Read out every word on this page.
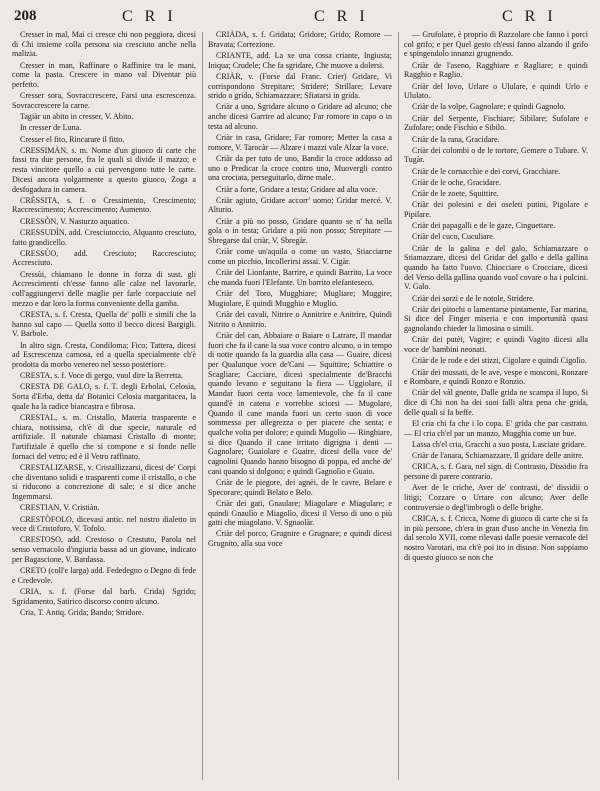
208	C R I	C R I	C R I

Cresser in mal, Mai ci cresce chi non peggiora, dicesi di Chi insieme colla persona sia cresciuto anche nella malizia.

Cresser in man, Raffinare o Raffinire tra le mani, come la pasta. Crescere in mano val Diventar più perfetto.

Cresser sora, Sovraccrescere, Farsi una escrescenza. Sovraccrescere la carne.

Tagiàr un abito in cresser, V. Abito.

In cresser de Luna.

Cresser el fito, Rincarare il fitto.

CRESSIMÀN, s. m. Nome d'un giuoco di carte che fassi tra due persone, fra le quali si divide il mazzo; e resta vincitore quello a cui pervengono tutte le carte. Dicesi ancora volgarmente a questo giuoco, Zoga a desfogadura in camera.

CRÈSSITA, s. f. o Cressimento, Crescimento; Raccrescimento; Accrescimento; Aumento.

CRESSÒN, V. Nasturzo aquatico.

CRESSUDÌN, add. Cresciutoccio, Alquanto cresciuto, fatto grandicello.

CRESSÙO, add. Cresciuto; Raccresciuto; Accresciuto.

Cressùi, chiamano le donne in forza di sust. gli Accrescimenti ch'esse fanno alle calze nel lavorarle, coll'aggiungervi delle maglie per farle corpacciute nel mezzo e dar loro la forma conveniente della gamba.

CRESTA, s. f. Cresta, Quella de' polli e simili che la hanno sul capo — Quella sotto il becco dicesi Bargigli. V. Barbole.

In altro sign. Cresta, Condiloma; Fico; Tattera, dicesi ad Escrescenza carnosa, ed a quella specialmente ch'è prodotta da morbo venereo nel sesso posteriore.

CRESTA, s. f. Voce di gergo, vuol dire la Berretta.

CRESTA DE GALO, s. f. T. degli Erbolai, Celosia, Sorta d'Erba, detta da' Botanici Celosia margaritacea, la quale ha la radice biancastra e fibrosa.

CRESTAL, s. m. Cristallo, Materia trasparente e chiara, notissima, ch'è di due specie, naturale ed artifiziale. Il naturale chiamasi Cristallo di monte; l'artifiziale è quello che si compone e si fonde nelle fornaci del vetro; ed è il Vetro raffinato.

CRESTALIZARSE, v. Cristallizzarsi, dicesi de' Corpi che diventano solidi e trasparenti come il cristallo, o che si riducono a concrezione di sale; e si dice anche Ingemmarsi.

CRESTIAN, V. Cristiàn.

CRESTÒFOLO, dicevasi antic. nel nostro dialetto in vece di Cristoforo, V. Tofolo.

CRESTOSO, add. Crestoso o Crestuto, Parola nel senso vernacolo d'ingiuria bassa ad un giovane, indicato per Bagascione, V. Bardassa.

CRETO (coll'e larga) add. Fededegno o Degno di fede e Credevole.

CRIA, s. f. (Forse dal barb. Crida) Sgrido; Sgridamento, Satirico discorso contro alcuno.

Cria, T. Antiq. Grida; Bando; Stridore.

CRIÀDA, s. f. Gridata; Gridore; Grido; Romore — Bravata; Correzione.

CRIANTE, add. La xe una cossa criante, Ingiusta; Iniqua; Crudele; Che fa sgridare, Che muove a dolersi.

CRIÀR, v. (Forse dal Franc. Crier) Gridare, Vi corrispondono Strepitare; Stridere; Strillare; Levare strido o grido, Schiamazzare; Sfiatarsi in grida.

Criàr a uno, Sgridare alcuno o Gridare ad alcuno; che anche dicesi Garrire ad alcuno; Far romore in capo o in testa ad alcuno.

Criàr in casa, Gridare; Far romore; Metter la casa a romore, V. Tarocàr — Alzare i mazzi vale Alzar la voce.

Criàr da per tuto de uno, Bandir la croce addosso ad uno o Predicar la croce contro uno, Muovergli contro una crociata, perseguitarlo, dirne male.

Criàr a forte, Gridare a testa; Gridare ad alta voce.

Criàr agiuto, Gridare accorr' uomo; Gridar mercé. V. Alturio.

Criàr a più no posso, Gridare quanto se n' ha nella gola o in testa; Gridare a più non posso; Strepitare — Sbregarse dal criàr, V. Sbregàr.

Criàr come un'aquila o come un vasto, Stiacciarne come un picchio, Incollerirsi assai. V. Cigàr.

Criàr del Lionfante, Barrire, e quindi Barrito, La voce che manda fuori l'Elefante. Un barrito elefanteseco.

Criàr del Toro, Mugghiare; Mugliare; Muggire; Mugiolare, E quindi Mugghio e Muglio.

Criàr dei cavali, Nitrire o Annitrire e Anitrire, Quindi Nitrito o Annitrio.

Criàr del can, Abbaiare o Baiare o Latrare, Il mandar fuori che fa il cane la sua voce contro alcuno, o in tempo di notte quando fa la guardia alla casa — Guaire, dicesi per Qualunque voce de'Cani — Squittire; Schiattire o Scagliare; Cacciare, dicesi specialmente de'Bracchi quando levano e seguitano la fiera — Uggiolare, il Mandar fuori certa voce lamentevole, che fa il cane quand'è in catena e vorrebbe sciorsi — Mugolare, Quando il cane manda fuori un certo suon di voce sommessa per allegrezza o per piacere che senta; e qualche volta per dolore; e quindi Mugolìo — Ringhiare, si dice Quando il cane irritato digrigna i denti — Gagnolare; Guaiolare e Guaire, dicesi della voce de' cagnolini Quando hanno bisogno di poppa, ed anche de' cani quando si dolgono; e quindi Gagnolìo e Guaio.

Criàr de le piegore, dei agnèi, de le cavre, Belare e Specorare; quindi Belato e Belo.

Criàr dei gati, Gnaulare; Miagolare e Miagulare; e quindi Gnaulìo e Miagolìo, dicesi il Verso di uno o più gatti che miagolano. V. Sgnaolàr.

Criàr del porco, Grugnire e Grugnare; e quindi dicesi Grugnito, alla sua voce

— Grufolare, è proprio di Razzolare che fanno i porci col grifo; e per Quel gesto ch'essi fanno alzando il grifo e spingendolo innanzi grugnendo.

Criàr de l'aseno, Ragghiare e Ragliare; e quindi Ragghio e Raglio.

Criàr del lovo, Urlare o Ululare, e quindi Urlo e Ululato.

Criàr de la volpe, Gagnolare; e quindi Gagnolo.

Criàr del Serpente, Fischiare; Sibilare; Sufolare e Zufolare; onde Fischio e Sibilo.

Criàr de la rana, Gracidare.

Criàr dei colombi o de le tortore, Gemere o Tubare. V. Tugàr.

Criàr de le cornacchie e dei corvi, Gracchiare.

Criàr de le oche, Gracidare.

Criàr de le zoete, Squittire.

Criàr dei polesini e dei oseleti putini, Pigolare e Pipilare.

Criàr dei papagalli e de le gaze, Cinguettare.

Criàr del cuco, Cuculiare.

Criàr de la galina e del galo, Schiamazzare o Stiamazzare, dicesi del Gridar del gallo e della gallina quando ha fatto l'uovo. Chiocciare o Crocciare, dicesi del Verso della gallina quando vuol covare o ha i pulcini. V. Galo.

Criàr dei sorzi e de le notole, Stridere.

Criàr dei pitochi o lamentarse pintamente, Far marina, Si dice del Finger miseria e con importunità quasi gagnolando chieder la limosina o simili.

Criàr dei putèi, Vagire; e quindi Vagito dicesi alla voce de' bambini neonati.

Criàr de le rode e dei stizzi, Cigolare e quindi Cigolìo.

Criàr dei mussati, de le ave, vespe e mosconi, Ronzare e Rombare, e quindi Ronzo e Ronzìo.

Criàr del vàl gnente, Dalle grida ne scampa il lupo, Si dice di Chi non ha dei suoi falli altra pena che grida, delle quali si fa beffe.

El cria chi fa che i lo copa. E' grida che par castrato. — El cria ch'el par un manzo, Mugghia come un bue.

Lassa ch'el cria, Gracchi a suo posta, Lasciate gridare.

Criàr de l'anara, Schiamazzare, Il gridare delle anitre.

CRICA, s. f. Gara, nel sign. di Contrasto, Dissidio fra persone di parere contrario.

Aver de le criche, Aver de' contrasti, de' dissidii o litigi; Cozzare o Urtare con alcuno; Aver delle controversie o degl'imbrogli o delle brighe.

CRICA, s. f. Cricca, Nome di giuoco di carte che si fa in più persone, ch'era in gran d'uso anche in Venezia fin dal secolo XVII, come rilevasi dalle poesie vernacole del nostro Varotari, ma ch'è poi ito in disuso. Non sappiamo di questo giuoco se non che
